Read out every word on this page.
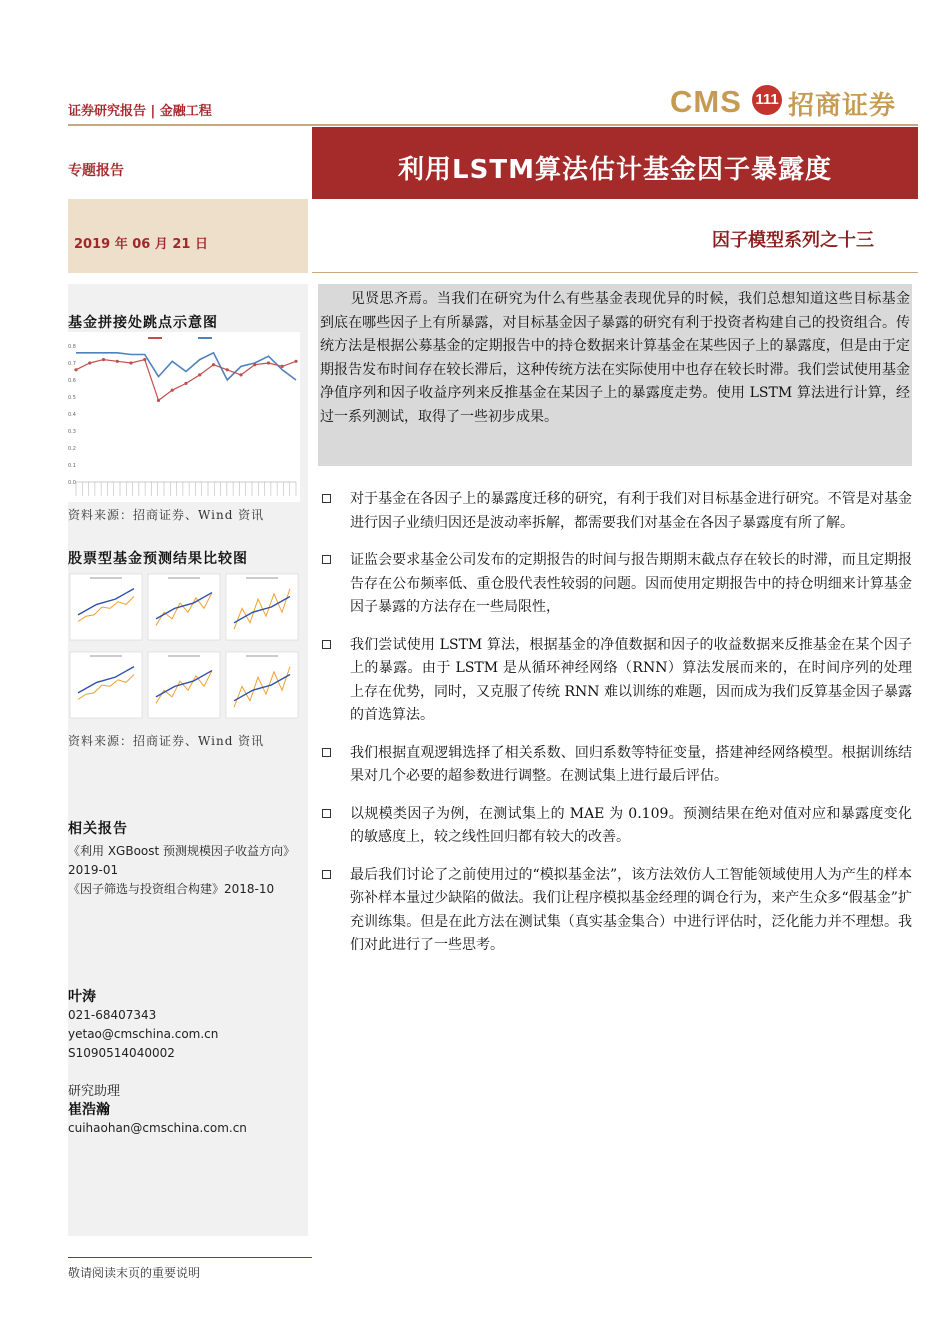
证券研究报告 | 金融工程	CMS 111 招商证券
专题报告	利用LSTM算法估计基金因子暴露度
2019 年 06 月 21 日	因子模型系列之十三
基金拼接处跳点示意图
0.8
0.7
0.6
0.5
0.4
0.3
0.2
0.1
0.0
资料来源：招商证券、Wind 资讯
股票型基金预测结果比较图
资料来源：招商证券、Wind 资讯
相关报告
《利用 XGBoost 预测规模因子收益方向》2019-01
《因子筛选与投资组合构建》2018-10
叶涛
021-68407343
yetao@cmschina.com.cn
S1090514040002
研究助理
崔浩瀚
cuihaohan@cmschina.com.cn

见贤思齐焉。当我们在研究为什么有些基金表现优异的时候，我们总想知道这些目标基金到底在哪些因子上有所暴露，对目标基金因子暴露的研究有利于投资者构建自己的投资组合。传统方法是根据公募基金的定期报告中的持仓数据来计算基金在某些因子上的暴露度，但是由于定期报告发布时间存在较长滞后，这种传统方法在实际使用中也存在较长时滞。我们尝试使用基金净值序列和因子收益序列来反推基金在某因子上的暴露度走势。使用 LSTM 算法进行计算，经过一系列测试，取得了一些初步成果。

对于基金在各因子上的暴露度迁移的研究，有利于我们对目标基金进行研究。不管是对基金进行因子业绩归因还是波动率拆解，都需要我们对基金在各因子暴露度有所了解。
证监会要求基金公司发布的定期报告的时间与报告期期末截点存在较长的时滞，而且定期报告存在公布频率低、重仓股代表性较弱的问题。因而使用定期报告中的持仓明细来计算基金因子暴露的方法存在一些局限性，
我们尝试使用 LSTM 算法，根据基金的净值数据和因子的收益数据来反推基金在某个因子上的暴露。由于 LSTM 是从循环神经网络（RNN）算法发展而来的，在时间序列的处理上存在优势，同时，又克服了传统 RNN 难以训练的难题，因而成为我们反算基金因子暴露的首选算法。
我们根据直观逻辑选择了相关系数、回归系数等特征变量，搭建神经网络模型。根据训练结果对几个必要的超参数进行调整。在测试集上进行最后评估。
以规模类因子为例，在测试集上的 MAE 为 0.109。预测结果在绝对值对应和暴露度变化的敏感度上，较之线性回归都有较大的改善。
最后我们讨论了之前使用过的“模拟基金法”，该方法效仿人工智能领域使用人为产生的样本弥补样本量过少缺陷的做法。我们让程序模拟基金经理的调仓行为，来产生众多“假基金”扩充训练集。但是在此方法在测试集（真实基金集合）中进行评估时，泛化能力并不理想。我们对此进行了一些思考。
敬请阅读末页的重要说明
